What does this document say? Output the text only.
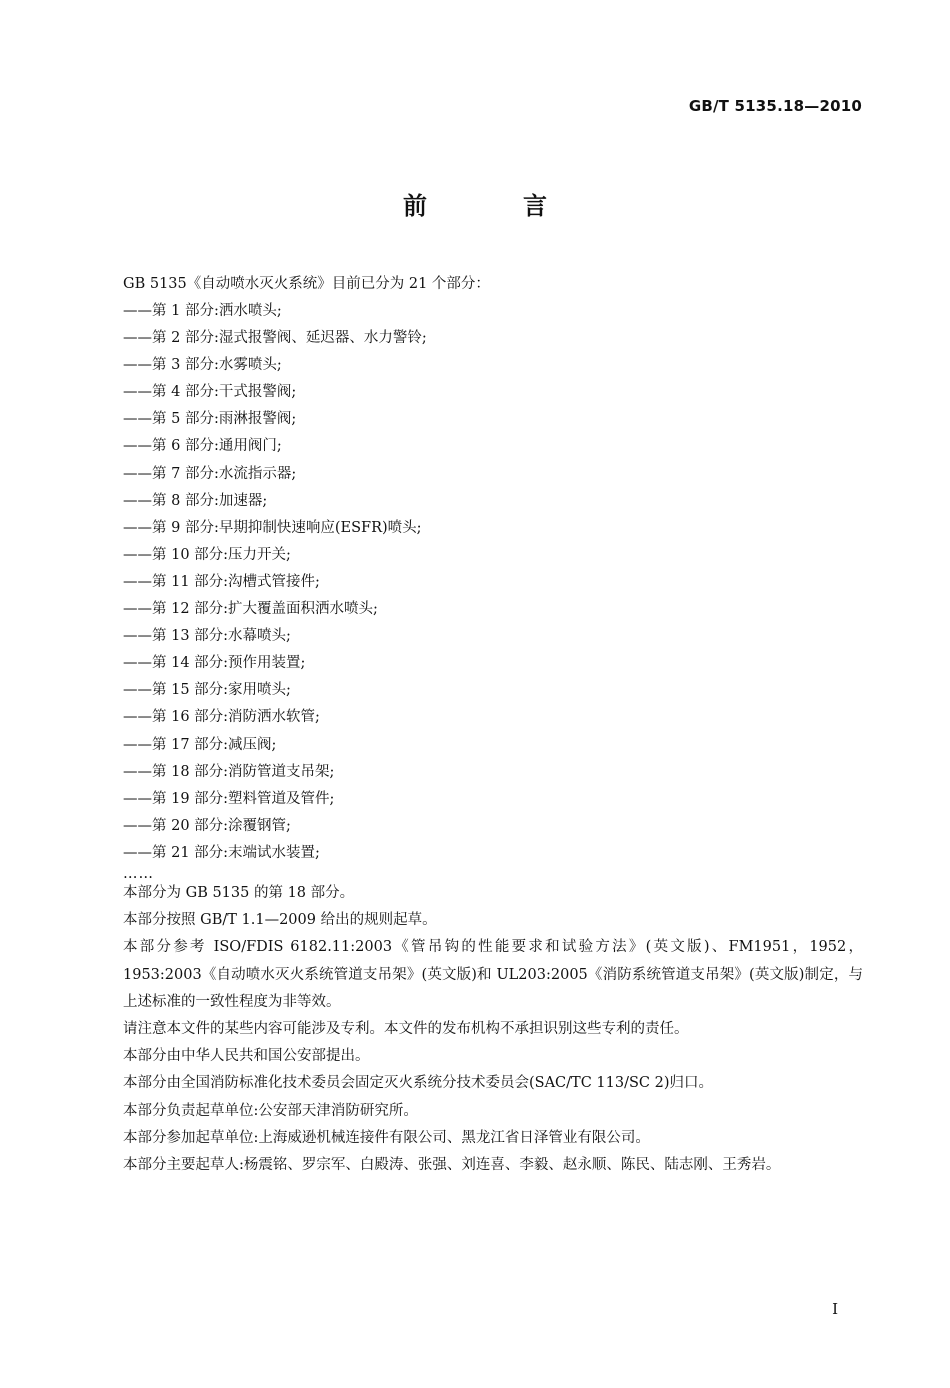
GB/T 5135.18—2010
前　言
GB 5135《自动喷水灭火系统》目前已分为 21 个部分：
——第 1 部分:洒水喷头;
——第 2 部分:湿式报警阀、延迟器、水力警铃;
——第 3 部分:水雾喷头;
——第 4 部分:干式报警阀;
——第 5 部分:雨淋报警阀;
——第 6 部分:通用阀门;
——第 7 部分:水流指示器;
——第 8 部分:加速器;
——第 9 部分:早期抑制快速响应(ESFR)喷头;
——第 10 部分:压力开关;
——第 11 部分:沟槽式管接件;
——第 12 部分:扩大覆盖面积洒水喷头;
——第 13 部分:水幕喷头;
——第 14 部分:预作用装置;
——第 15 部分:家用喷头;
——第 16 部分:消防洒水软管;
——第 17 部分:减压阀;
——第 18 部分:消防管道支吊架;
——第 19 部分:塑料管道及管件;
——第 20 部分:涂覆钢管;
——第 21 部分:末端试水装置;
……

本部分为 GB 5135 的第 18 部分。

本部分按照 GB/T 1.1—2009 给出的规则起草。

本部分参考 ISO/FDIS 6182.11:2003《管吊钩的性能要求和试验方法》(英文版)、FM1951，1952，1953:2003《自动喷水灭火系统管道支吊架》(英文版)和 UL203:2005《消防系统管道支吊架》(英文版)制定，与上述标准的一致性程度为非等效。

请注意本文件的某些内容可能涉及专利。本文件的发布机构不承担识别这些专利的责任。

本部分由中华人民共和国公安部提出。

本部分由全国消防标准化技术委员会固定灭火系统分技术委员会(SAC/TC 113/SC 2)归口。

本部分负责起草单位:公安部天津消防研究所。

本部分参加起草单位:上海威逊机械连接件有限公司、黑龙江省日泽管业有限公司。

本部分主要起草人:杨震铭、罗宗军、白殿涛、张强、刘连喜、李毅、赵永顺、陈民、陆志刚、王秀岩。

I
